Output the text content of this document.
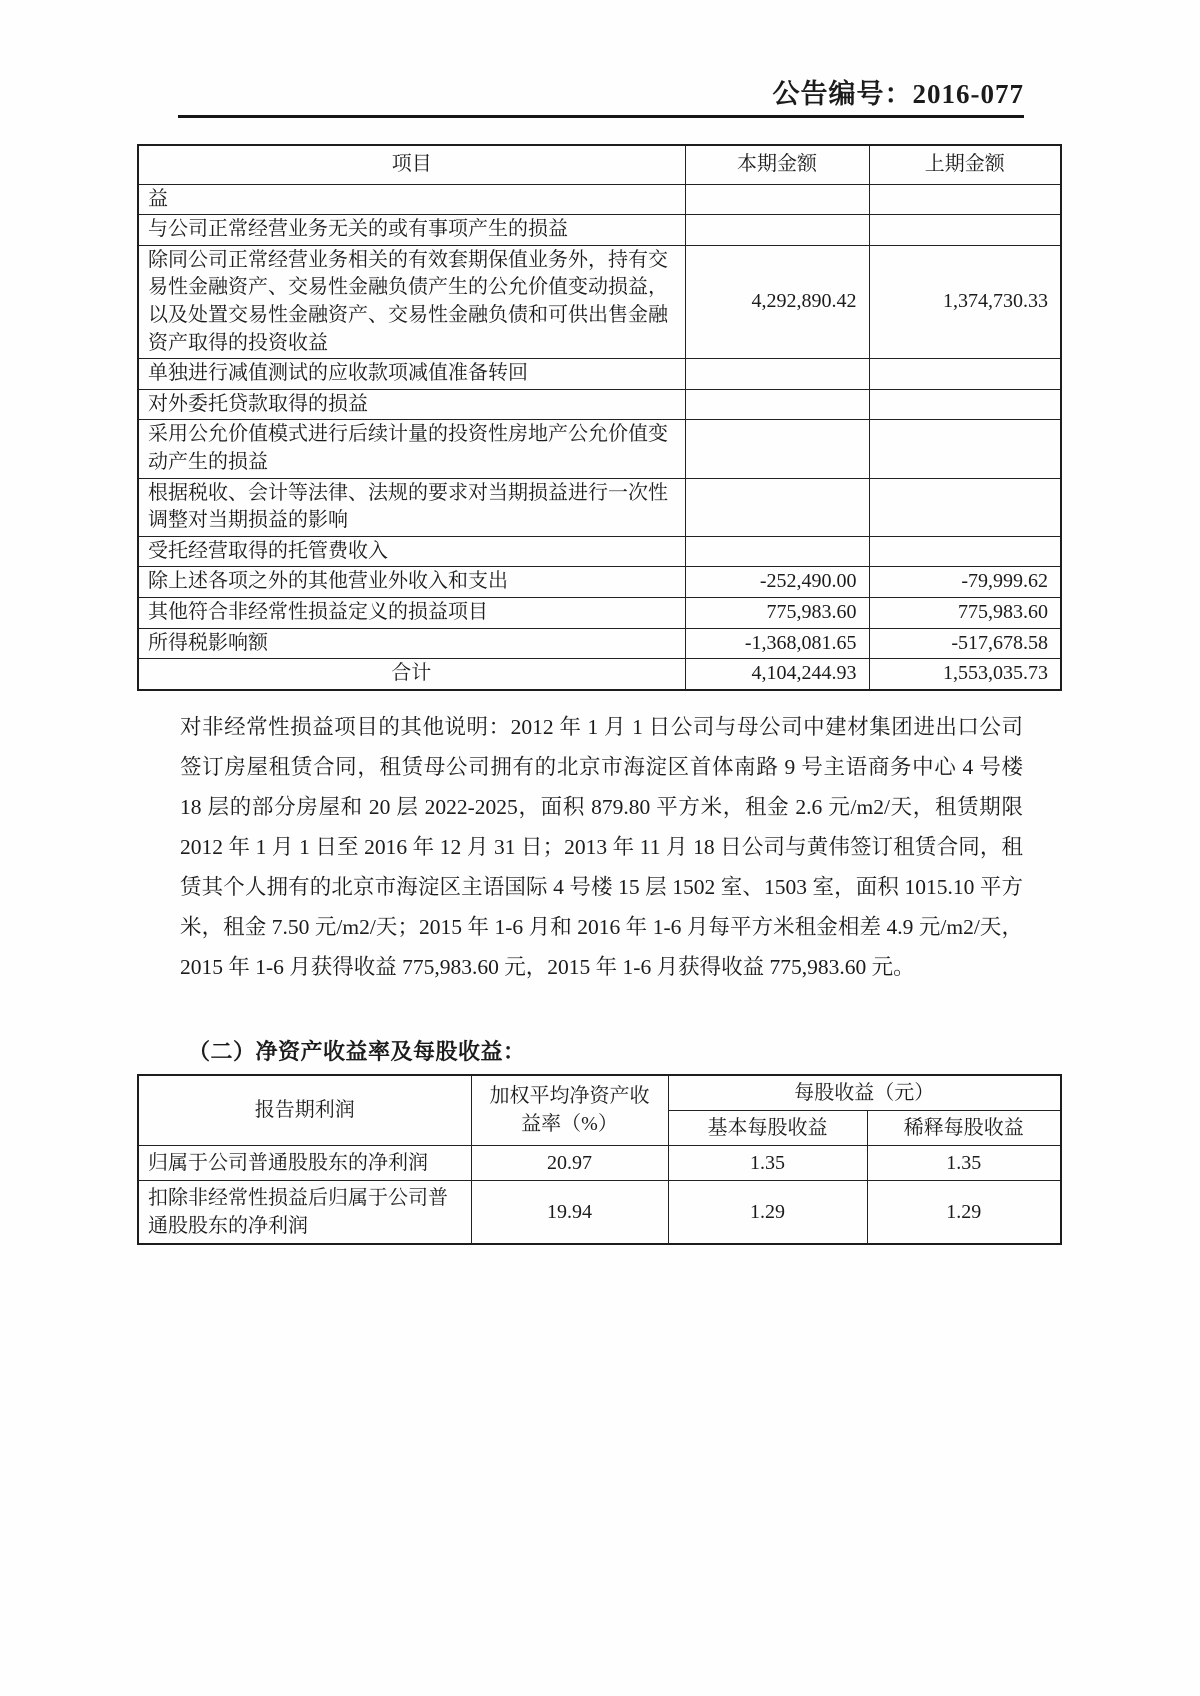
公告编号：2016-077
项目	本期金额	上期金额
益		
与公司正常经营业务无关的或有事项产生的损益		
除同公司正常经营业务相关的有效套期保值业务外，持有交易性金融资产、交易性金融负债产生的公允价值变动损益，以及处置交易性金融资产、交易性金融负债和可供出售金融资产取得的投资收益	4,292,890.42	1,374,730.33
单独进行减值测试的应收款项减值准备转回		
对外委托贷款取得的损益		
采用公允价值模式进行后续计量的投资性房地产公允价值变动产生的损益		
根据税收、会计等法律、法规的要求对当期损益进行一次性调整对当期损益的影响		
受托经营取得的托管费收入		
除上述各项之外的其他营业外收入和支出	-252,490.00	-79,999.62
其他符合非经常性损益定义的损益项目	775,983.60	775,983.60
所得税影响额	-1,368,081.65	-517,678.58
合计	4,104,244.93	1,553,035.73

对非经常性损益项目的其他说明：2012 年 1 月 1 日公司与母公司中建材集团进出口公司签订房屋租赁合同，租赁母公司拥有的北京市海淀区首体南路 9 号主语商务中心 4 号楼 18 层的部分房屋和 20 层 2022-2025，面积 879.80 平方米，租金 2.6 元/m2/天，租赁期限 2012 年 1 月 1 日至 2016 年 12 月 31 日；2013 年 11 月 18 日公司与黄伟签订租赁合同，租赁其个人拥有的北京市海淀区主语国际 4 号楼 15 层 1502 室、1503 室，面积 1015.10 平方米，租金 7.50 元/m2/天；2015 年 1-6 月和 2016 年 1-6 月每平方米租金相差 4.9 元/m2/天，2015 年 1-6 月获得收益 775,983.60 元，2015 年 1-6 月获得收益 775,983.60 元。

（二）净资产收益率及每股收益：
报告期利润	加权平均净资产收益率（%）	每股收益（元）	
		基本每股收益	稀释每股收益
归属于公司普通股股东的净利润	20.97	1.35	1.35
扣除非经常性损益后归属于公司普通股股东的净利润	19.94	1.29	1.29
